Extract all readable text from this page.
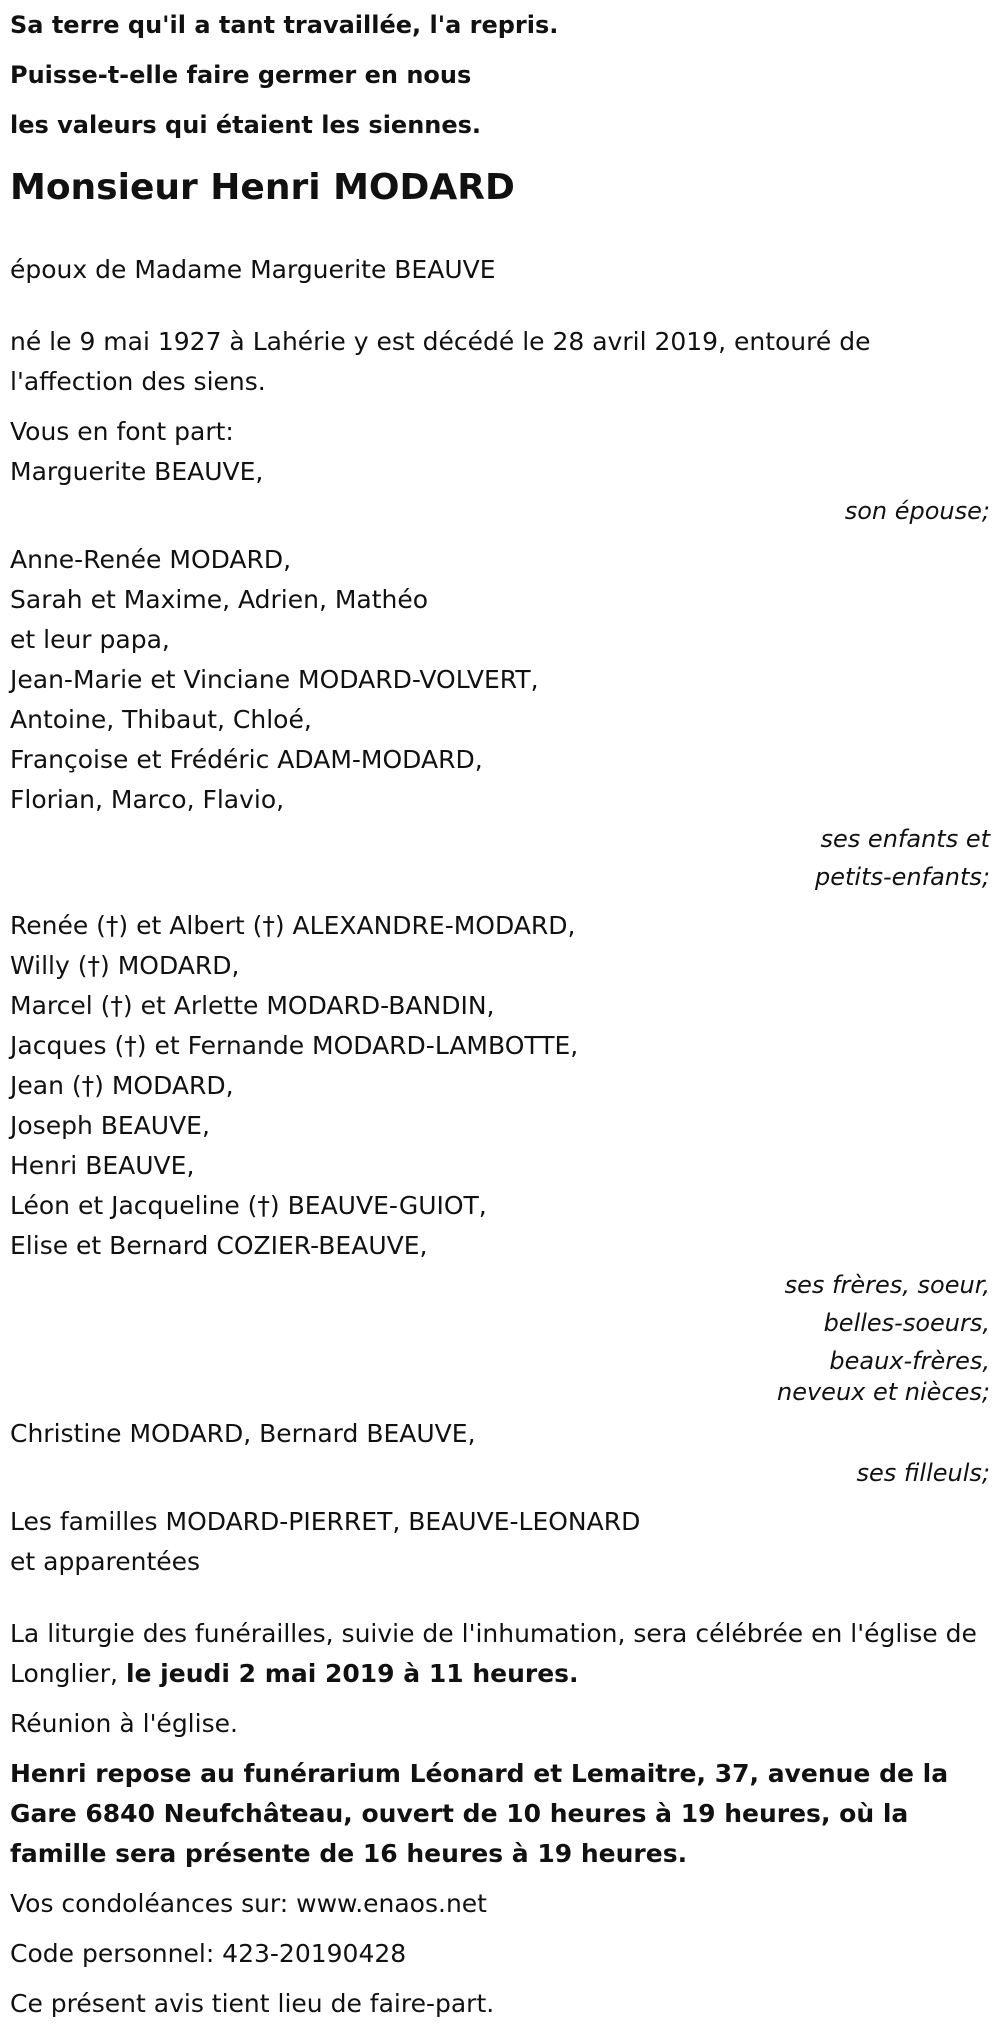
Sa terre qu'il a tant travaillée, l'a repris.
Puisse-t-elle faire germer en nous
les valeurs qui étaient les siennes.
Monsieur Henri MODARD

époux de Madame Marguerite BEAUVE

né le 9 mai 1927 à Lahérie y est décédé le 28 avril 2019, entouré de l'affection des siens.

Vous en font part:

Marguerite BEAUVE,

son épouse;

Anne-Renée MODARD,

Sarah et Maxime, Adrien, Mathéo

et leur papa,

Jean-Marie et Vinciane MODARD-VOLVERT,

Antoine, Thibaut, Chloé,

Françoise et Frédéric ADAM-MODARD,

Florian, Marco, Flavio,

ses enfants et

petits-enfants;

Renée (†) et Albert (†) ALEXANDRE-MODARD,

Willy (†) MODARD,

Marcel (†) et Arlette MODARD-BANDIN,

Jacques (†) et Fernande MODARD-LAMBOTTE,

Jean (†) MODARD,

Joseph BEAUVE,

Henri BEAUVE,

Léon et Jacqueline (†) BEAUVE-GUIOT,

Elise et Bernard COZIER-BEAUVE,

ses frères, soeur,

belles-soeurs,

beaux-frères,

neveux et nièces;

Christine MODARD, Bernard BEAUVE,

ses filleuls;

Les familles MODARD-PIERRET, BEAUVE-LEONARD

et apparentées

La liturgie des funérailles, suivie de l'inhumation, sera célébrée en l'église de Longlier, le jeudi 2 mai 2019 à 11 heures.

Réunion à l'église.

Henri repose au funérarium Léonard et Lemaitre, 37, avenue de la Gare 6840 Neufchâteau, ouvert de 10 heures à 19 heures, où la famille sera présente de 16 heures à 19 heures.

Vos condoléances sur: www.enaos.net

Code personnel: 423-20190428

Ce présent avis tient lieu de faire-part.
